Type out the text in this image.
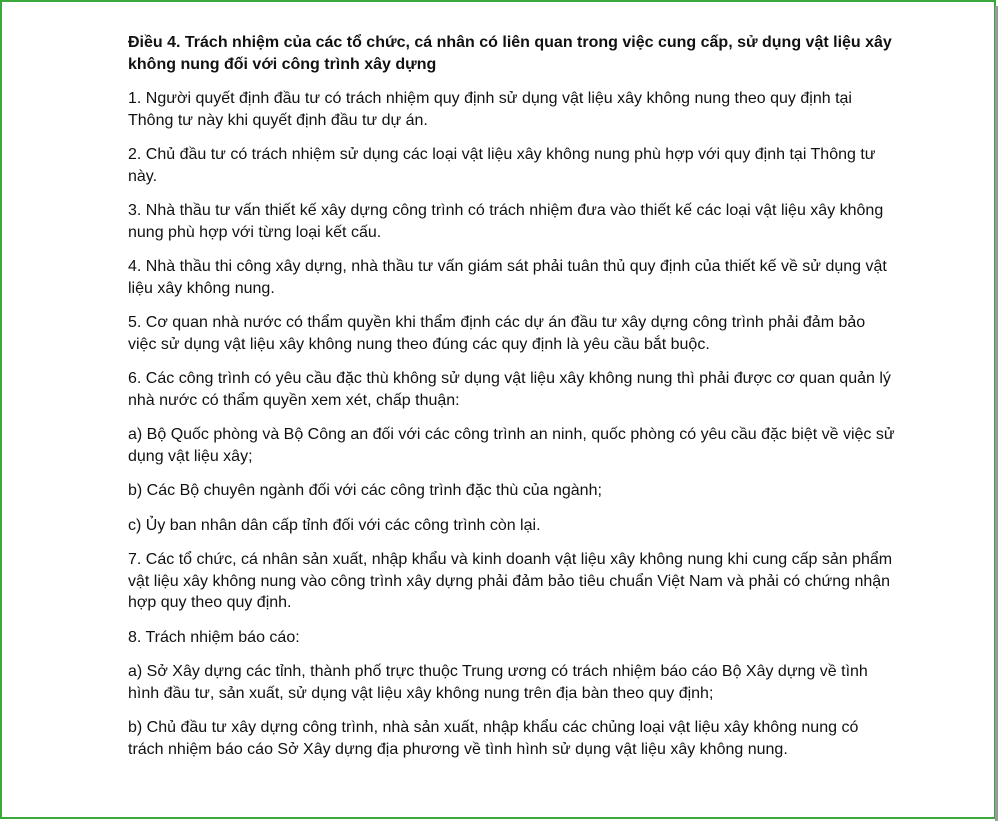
Điều 4. Trách nhiệm của các tổ chức, cá nhân có liên quan trong việc cung cấp, sử dụng vật liệu xây không nung đối với công trình xây dựng
1. Người quyết định đầu tư có trách nhiệm quy định sử dụng vật liệu xây không nung theo quy định tại Thông tư này khi quyết định đầu tư dự án.
2. Chủ đầu tư có trách nhiệm sử dụng các loại vật liệu xây không nung phù hợp với quy định tại Thông tư này.
3. Nhà thầu tư vấn thiết kế xây dựng công trình có trách nhiệm đưa vào thiết kế các loại vật liệu xây không nung phù hợp với từng loại kết cấu.
4. Nhà thầu thi công xây dựng, nhà thầu tư vấn giám sát phải tuân thủ quy định của thiết kế về sử dụng vật liệu xây không nung.
5. Cơ quan nhà nước có thẩm quyền khi thẩm định các dự án đầu tư xây dựng công trình phải đảm bảo việc sử dụng vật liệu xây không nung theo đúng các quy định là yêu cầu bắt buộc.
6. Các công trình có yêu cầu đặc thù không sử dụng vật liệu xây không nung thì phải được cơ quan quản lý nhà nước có thẩm quyền xem xét, chấp thuận:
a) Bộ Quốc phòng và Bộ Công an đối với các công trình an ninh, quốc phòng có yêu cầu đặc biệt về việc sử dụng vật liệu xây;
b) Các Bộ chuyên ngành đối với các công trình đặc thù của ngành;
c) Ủy ban nhân dân cấp tỉnh đối với các công trình còn lại.
7. Các tổ chức, cá nhân sản xuất, nhập khẩu và kinh doanh vật liệu xây không nung khi cung cấp sản phẩm vật liệu xây không nung vào công trình xây dựng phải đảm bảo tiêu chuẩn Việt Nam và phải có chứng nhận hợp quy theo quy định.
8. Trách nhiệm báo cáo:
a) Sở Xây dựng các tỉnh, thành phố trực thuộc Trung ương có trách nhiệm báo cáo Bộ Xây dựng về tình hình đầu tư, sản xuất, sử dụng vật liệu xây không nung trên địa bàn theo quy định;
b) Chủ đầu tư xây dựng công trình, nhà sản xuất, nhập khẩu các chủng loại vật liệu xây không nung có trách nhiệm báo cáo Sở Xây dựng địa phương về tình hình sử dụng vật liệu xây không nung.
